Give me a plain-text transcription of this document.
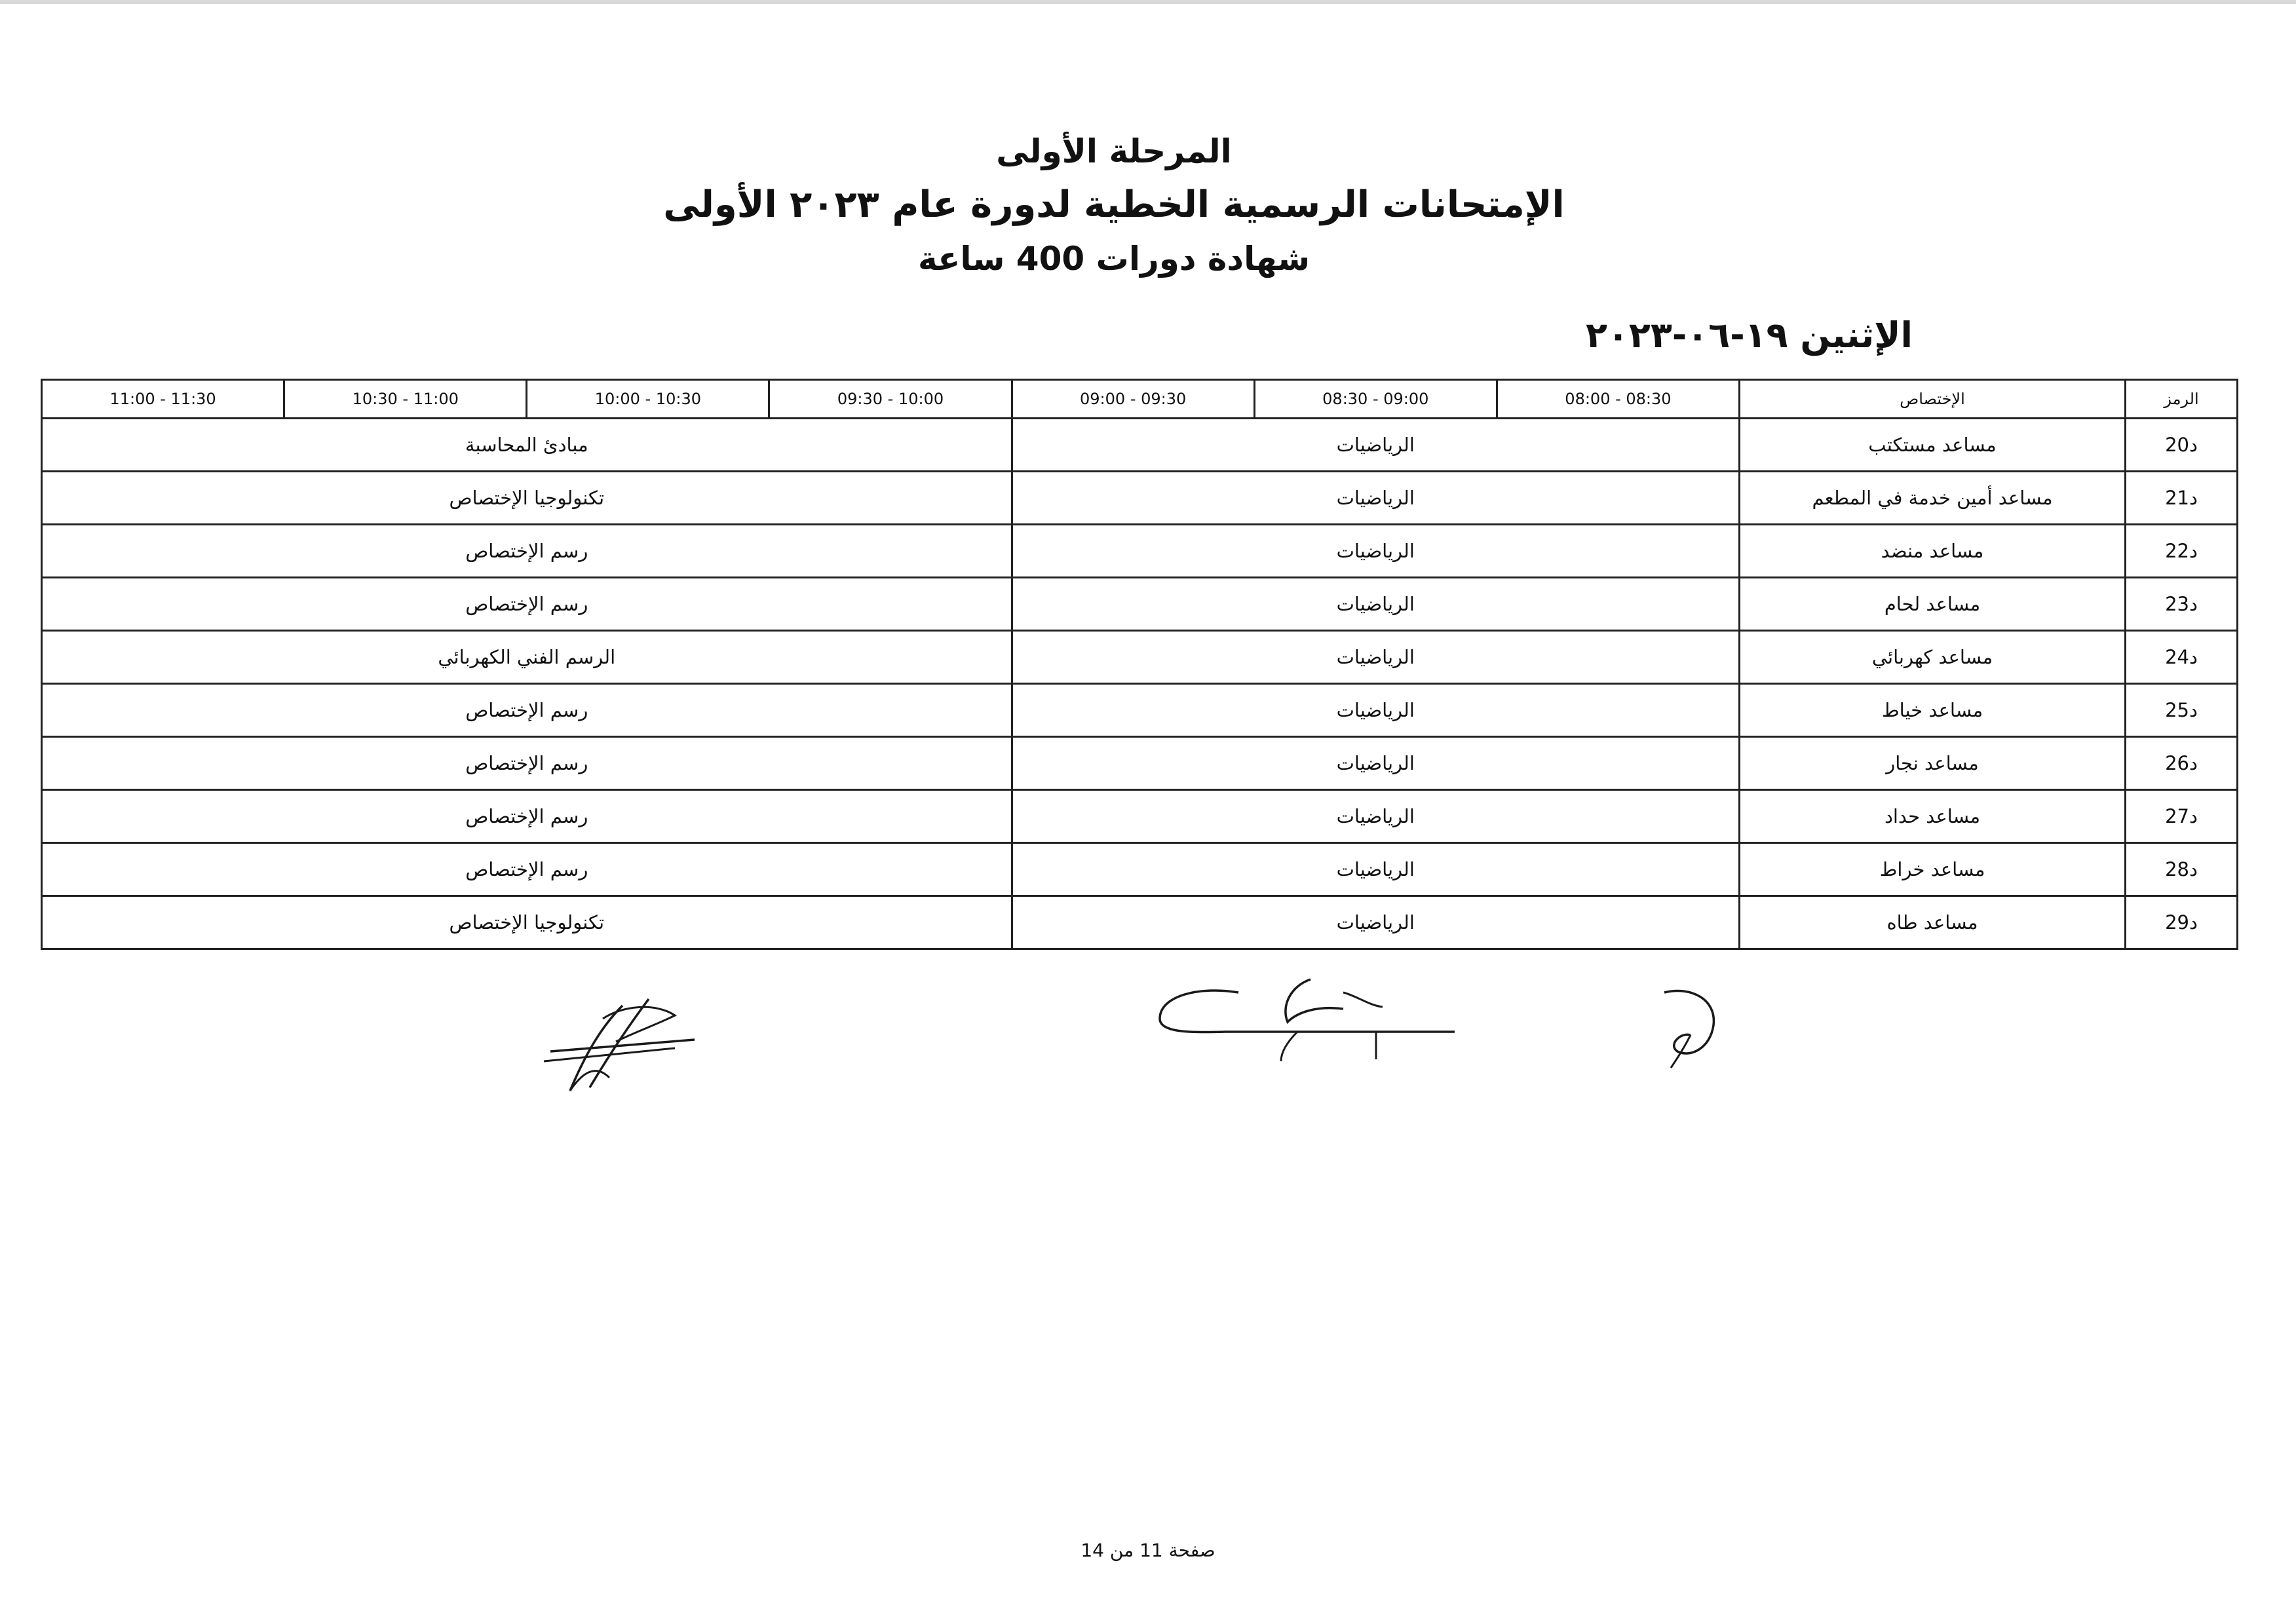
المرحلة الأولى
الإمتحانات الرسمية الخطية لدورة عام ٢٠٢٣ الأولى
شهادة دورات 400 ساعة
الإثنين ١٩-٠٦-٢٠٢٣
الرمز	الإختصاص	08:30 - 08:00	09:00 - 08:30	09:30 - 09:00	10:00 - 09:30	10:30 - 10:00	11:00 - 10:30	11:30 - 11:00
د20	مساعد مستكتب	الرياضيات			مبادئ المحاسبة			
د21	مساعد أمين خدمة في المطعم	الرياضيات			تكنولوجيا الإختصاص			
د22	مساعد منضد	الرياضيات			رسم الإختصاص			
د23	مساعد لحام	الرياضيات			رسم الإختصاص			
د24	مساعد كهربائي	الرياضيات			الرسم الفني الكهربائي			
د25	مساعد خياط	الرياضيات			رسم الإختصاص			
د26	مساعد نجار	الرياضيات			رسم الإختصاص			
د27	مساعد حداد	الرياضيات			رسم الإختصاص			
د28	مساعد خراط	الرياضيات			رسم الإختصاص			
د29	مساعد طاه	الرياضيات			تكنولوجيا الإختصاص			
صفحة 11 من 14
